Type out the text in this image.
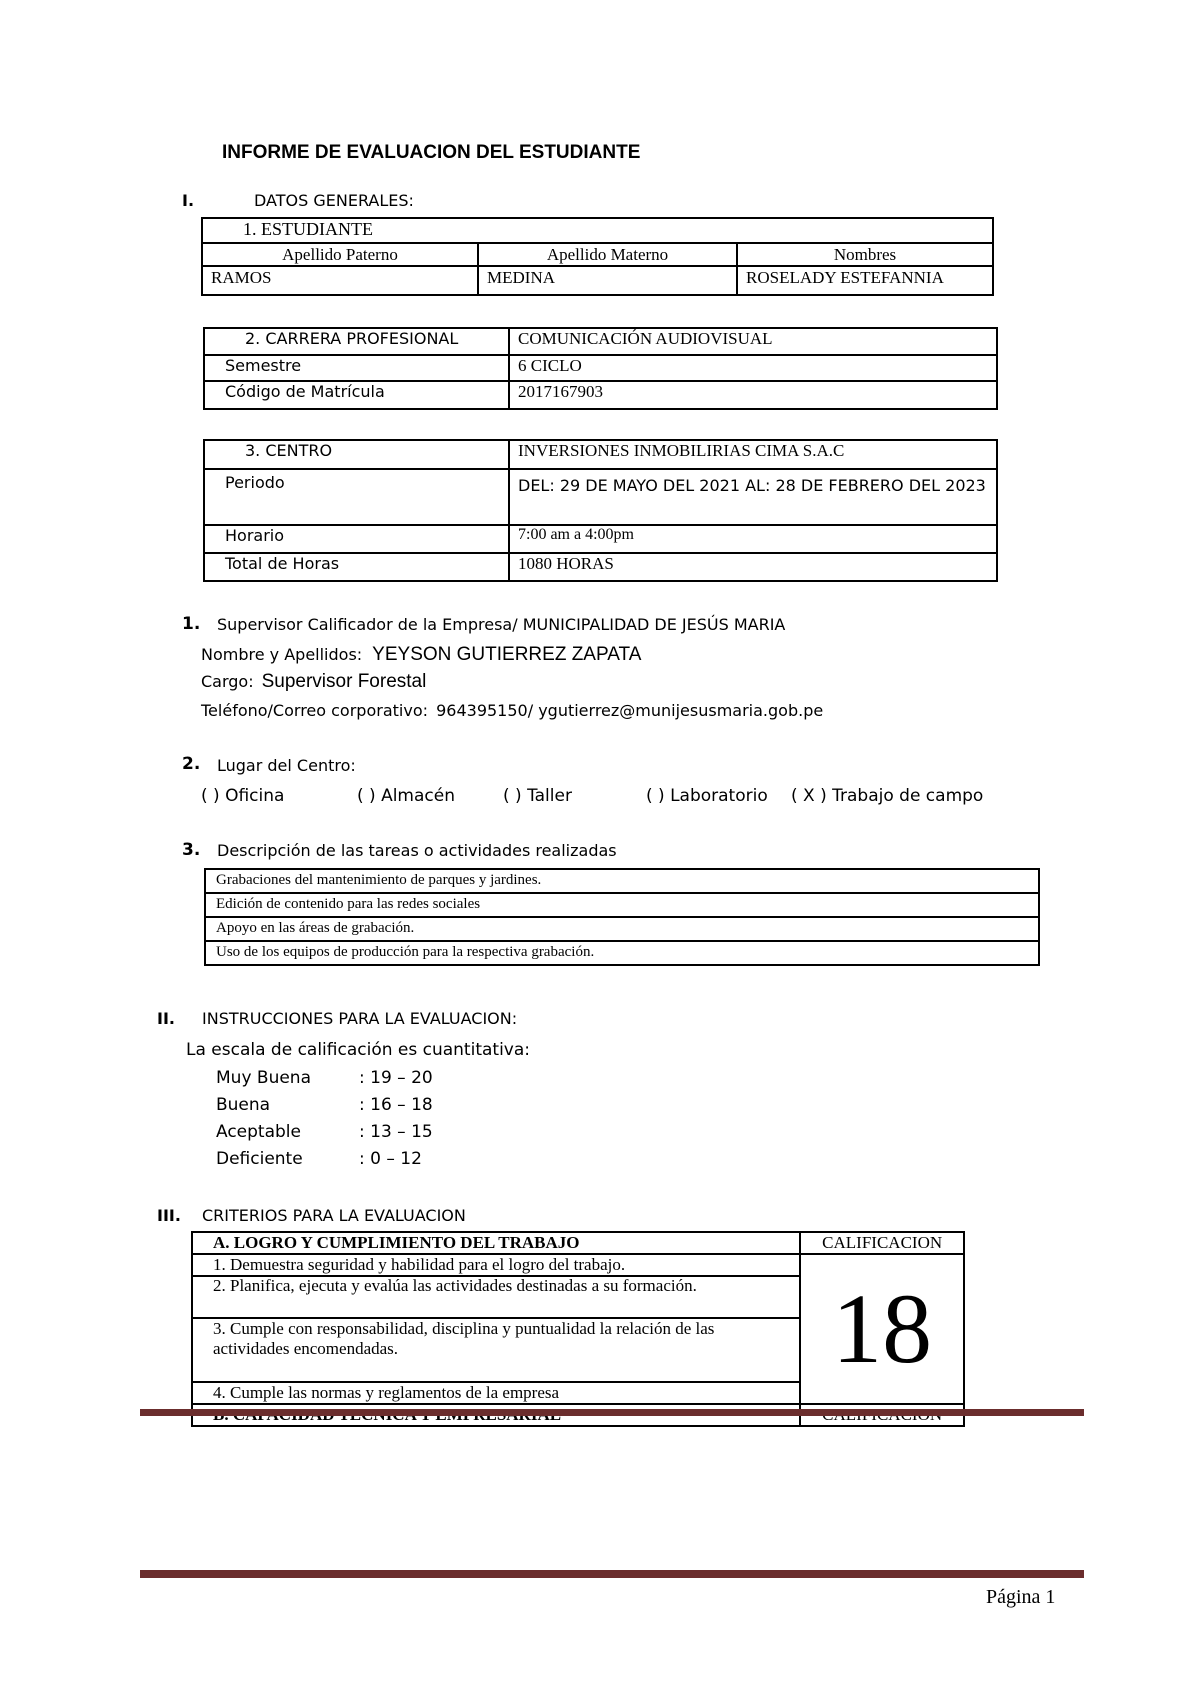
INFORME DE EVALUACION DEL ESTUDIANTE
I.	DATOS GENERALES:
1. ESTUDIANTE		
Apellido Paterno	Apellido Materno	Nombres
RAMOS	MEDINA	ROSELADY ESTEFANNIA
2. CARRERA PROFESIONAL	COMUNICACIÓN AUDIOVISUAL
Semestre	6 CICLO
Código de Matrícula	2017167903
3. CENTRO	INVERSIONES INMOBILIRIAS CIMA S.A.C
Periodo	DEL: 29 DE MAYO DEL 2021 AL: 28 DE FEBRERO DEL 2023
Horario	7:00 am a 4:00pm
Total de Horas	1080 HORAS
1. Supervisor Calificador de la Empresa/ MUNICIPALIDAD DE JESÚS MARIA
Nombre y Apellidos: YEYSON GUTIERREZ ZAPATA
Cargo: Supervisor Forestal
Teléfono/Correo corporativo: 964395150/ ygutierrez@munijesusmaria.gob.pe
2. Lugar del Centro:
( ) Oficina	( ) Almacén	( ) Taller	( ) Laboratorio ( X ) Trabajo de campo
3. Descripción de las tareas o actividades realizadas
Grabaciones del mantenimiento de parques y jardines.
Edición de contenido para las redes sociales
Apoyo en las áreas de grabación.
Uso de los equipos de producción para la respectiva grabación.
II. INSTRUCCIONES PARA LA EVALUACION:
La escala de calificación es cuantitativa:
Muy Buena	: 19 – 20
Buena	: 16 – 18
Aceptable	: 13 – 15
Deficiente	: 0 – 12
III. CRITERIOS PARA LA EVALUACION
A. LOGRO Y CUMPLIMIENTO DEL TRABAJO	CALIFICACION
1. Demuestra seguridad y habilidad para el logro del trabajo.	18
2. Planifica, ejecuta y evalúa las actividades destinadas a su formación.	
3. Cumple con responsabilidad, disciplina y puntualidad la relación de las actividades encomendadas.	
4. Cumple las normas y reglamentos de la empresa	

Página 1
